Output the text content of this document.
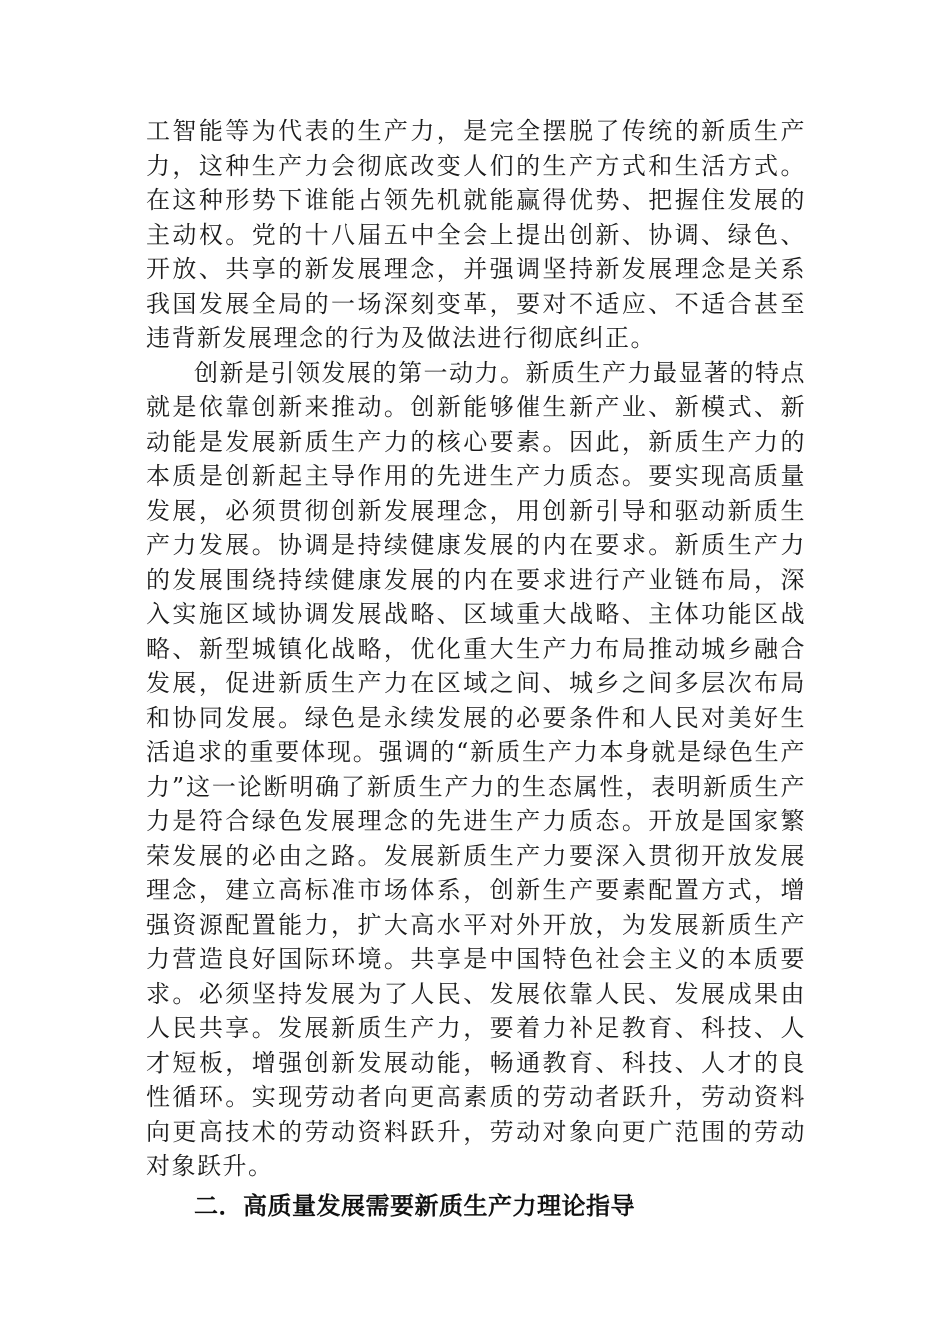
工智能等为代表的生产力，是完全摆脱了传统的新质生产力，这种生产力会彻底改变人们的生产方式和生活方式。在这种形势下谁能占领先机就能赢得优势、把握住发展的主动权。党的十八届五中全会上提出创新、协调、绿色、开放、共享的新发展理念，并强调坚持新发展理念是关系我国发展全局的一场深刻变革，要对不适应、不适合甚至违背新发展理念的行为及做法进行彻底纠正。

创新是引领发展的第一动力。新质生产力最显著的特点就是依靠创新来推动。创新能够催生新产业、新模式、新动能是发展新质生产力的核心要素。因此，新质生产力的本质是创新起主导作用的先进生产力质态。要实现高质量发展，必须贯彻创新发展理念，用创新引导和驱动新质生产力发展。协调是持续健康发展的内在要求。新质生产力的发展围绕持续健康发展的内在要求进行产业链布局，深入实施区域协调发展战略、区域重大战略、主体功能区战略、新型城镇化战略，优化重大生产力布局推动城乡融合发展，促进新质生产力在区域之间、城乡之间多层次布局和协同发展。绿色是永续发展的必要条件和人民对美好生活追求的重要体现。强调的“新质生产力本身就是绿色生产力”这一论断明确了新质生产力的生态属性，表明新质生产力是符合绿色发展理念的先进生产力质态。开放是国家繁荣发展的必由之路。发展新质生产力要深入贯彻开放发展理念，建立高标准市场体系，创新生产要素配置方式，增强资源配置能力，扩大高水平对外开放，为发展新质生产力营造良好国际环境。共享是中国特色社会主义的本质要求。必须坚持发展为了人民、发展依靠人民、发展成果由人民共享。发展新质生产力，要着力补足教育、科技、人才短板，增强创新发展动能，畅通教育、科技、人才的良性循环。实现劳动者向更高素质的劳动者跃升，劳动资料向更高技术的劳动资料跃升，劳动对象向更广范围的劳动对象跃升。

二．高质量发展需要新质生产力理论指导
